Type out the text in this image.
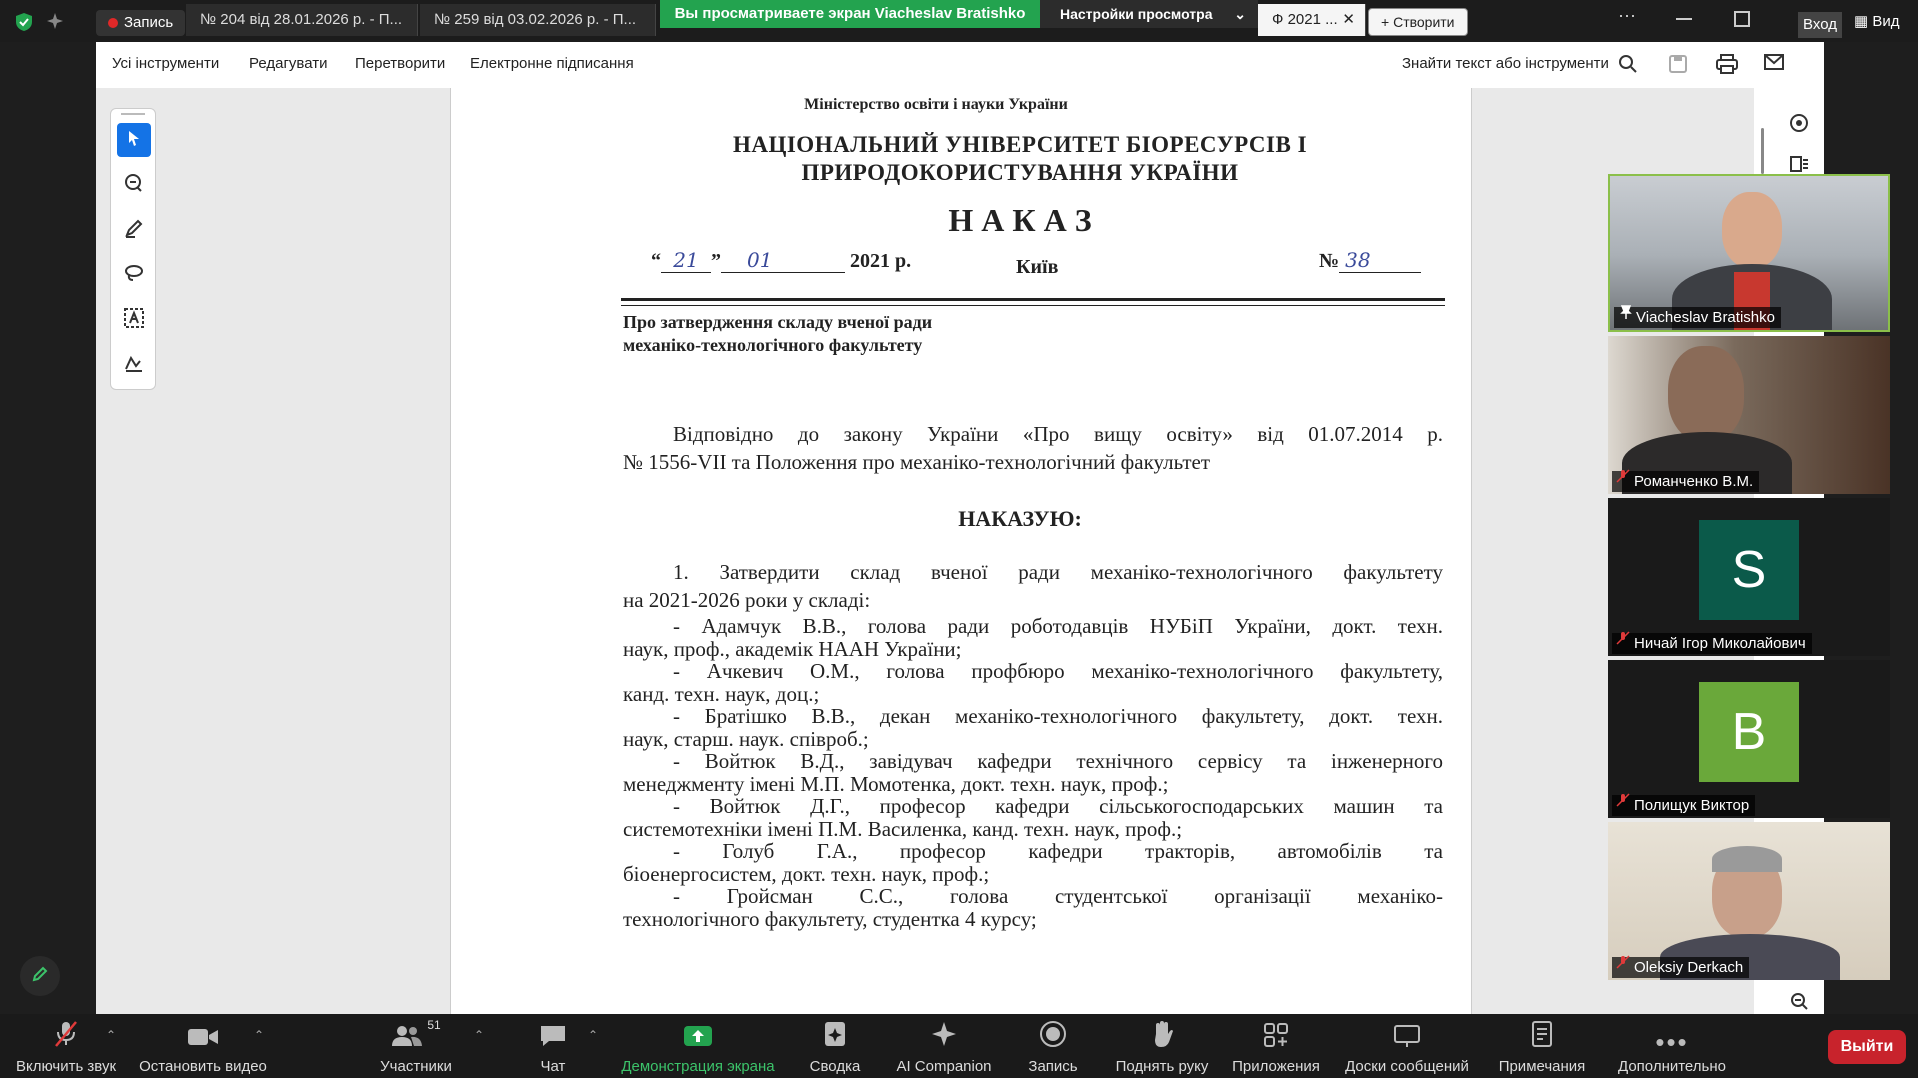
Запись	№ 204 від 28.01.2026 р. - П...	№ 259 від 03.02.2026 р. - П...	Ф 2021 ... ✕
Вы просматриваете экран Viacheslav Bratishko	Настройки просмотра ⌄	+ Створити	⋯	Вход	▦ Вид
Усі інструменти Редагувати Перетворити Електронне підписання	Знайти текст або інструменти
Міністерство освіти і науки України
НАЦІОНАЛЬНИЙ УНІВЕРСИТЕТ БІОРЕСУРСІВ І
ПРИРОДОКОРИСТУВАННЯ УКРАЇНИ
Н А К А З
“ 21 ” 01	2021 р.	Київ	№ 38
Про затвердження складу вченої ради
механіко-технологічного факультету
Відповідно до закону України «Про вищу освіту» від 01.07.2014 р.
№ 1556-VII та Положення про механіко-технологічний факультет
НАКАЗУЮ:
1. Затвердити склад вченої ради механіко-технологічного факультету
на 2021-2026 роки у складі:
- Адамчук В.В., голова ради роботодавців НУБіП України, докт. техн.
наук, проф., академік НААН України;
- Ачкевич О.М., голова профбюро механіко-технологічного факультету,
канд. техн. наук, доц.;
- Братішко В.В., декан механіко-технологічного факультету, докт. техн.
наук, старш. наук. співроб.;
- Войтюк В.Д., завідувач кафедри технічного сервісу та інженерного
менеджменту імені М.П. Момотенка, докт. техн. наук, проф.;
- Войтюк Д.Г., професор кафедри сільськогосподарських машин та
системотехніки імені П.М. Василенка, канд. техн. наук, проф.;
- Голуб Г.А., професор кафедри тракторів, автомобілів та
біоенергосистем, докт. техн. наук, проф.;
- Гройсман С.С., голова студентської організації механіко-
технологічного факультету, студентка 4 курсу;
Viacheslav Bratishko
Романченко В.М.
S
Ничай Ігор Миколайович
B
Полищук Виктор
Oleksiy Derkach
Включить звук
⌃
Остановить видео
⌃
51
Участники
⌃
Чат
⌃
Демонстрация экрана	Сводка	AI Companion	Запись	Поднять руку	Приложения	Доски сообщений	Примечания
•••
Дополнительно
Выйти
